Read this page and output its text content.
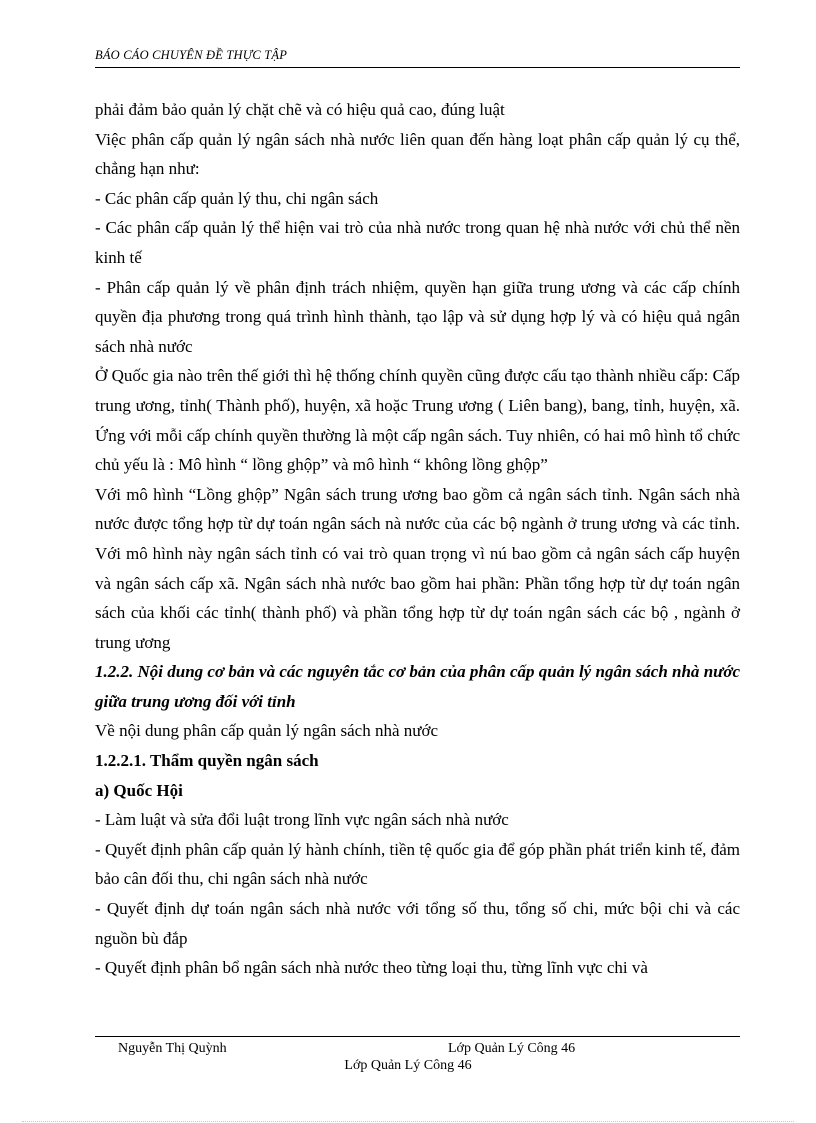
BÁO CÁO CHUYÊN ĐỀ THỰC TẬP

phải đảm bảo quản lý chặt chẽ và có hiệu quả cao, đúng luật

Việc phân cấp quản lý ngân sách nhà nước liên quan đến hàng loạt phân cấp quản lý cụ thể, chẳng hạn như:

- Các phân cấp quản lý thu, chi ngân sách

- Các phân cấp quản lý thể hiện vai trò của nhà nước trong quan hệ nhà nước với chủ thể nền kinh tế

- Phân cấp quản lý về phân định trách nhiệm, quyền hạn giữa trung ương và các cấp chính quyền địa phương trong quá trình hình thành, tạo lập và sử dụng hợp lý và có hiệu quả ngân sách nhà nước

Ở Quốc gia nào trên thế giới thì hệ thống chính quyền cũng được cấu tạo thành nhiều cấp: Cấp trung ương, tỉnh( Thành phố), huyện, xã hoặc Trung ương ( Liên bang), bang, tỉnh, huyện, xã. Ứng với mỗi cấp chính quyền thường là một cấp ngân sách. Tuy nhiên, có hai mô hình tổ chức chủ yếu là : Mô hình “ lồng ghộp” và mô hình “ không lồng ghộp”

Với mô hình “Lồng ghộp” Ngân sách trung ương bao gồm cả ngân sách tỉnh. Ngân sách nhà nước được tổng hợp từ dự toán ngân sách nà nước của các bộ ngành ở trung ương và các tỉnh. Với mô hình này ngân sách tỉnh có vai trò quan trọng vì nú bao gồm cả ngân sách cấp huyện và ngân sách cấp xã. Ngân sách nhà nước bao gồm hai phần: Phần tổng hợp từ dự toán ngân sách của khối các tỉnh( thành phố) và phần tổng hợp từ dự toán ngân sách các bộ , ngành ở trung ương

1.2.2. Nội dung cơ bản và các nguyên tắc cơ bản của phân cấp quản lý ngân sách nhà nước giữa trung ương đối với tỉnh

Về nội dung phân cấp quản lý ngân sách nhà nước

1.2.2.1. Thẩm quyền ngân sách

a) Quốc Hội

- Làm luật và sửa đổi luật trong lĩnh vực ngân sách nhà nước

- Quyết định phân cấp quản lý hành chính, tiền tệ quốc gia để góp phần phát triển kinh tế, đảm bảo cân đối thu, chi ngân sách nhà nước

- Quyết định dự toán ngân sách nhà nước với tổng số thu, tổng số chi, mức bội chi và các nguồn bù đắp

- Quyết định phân bổ ngân sách nhà nước theo từng loại thu, từng lĩnh vực chi và

Nguyễn Thị Quỳnh	Lớp Quản Lý Công 46
Lớp Quản Lý Công 46
